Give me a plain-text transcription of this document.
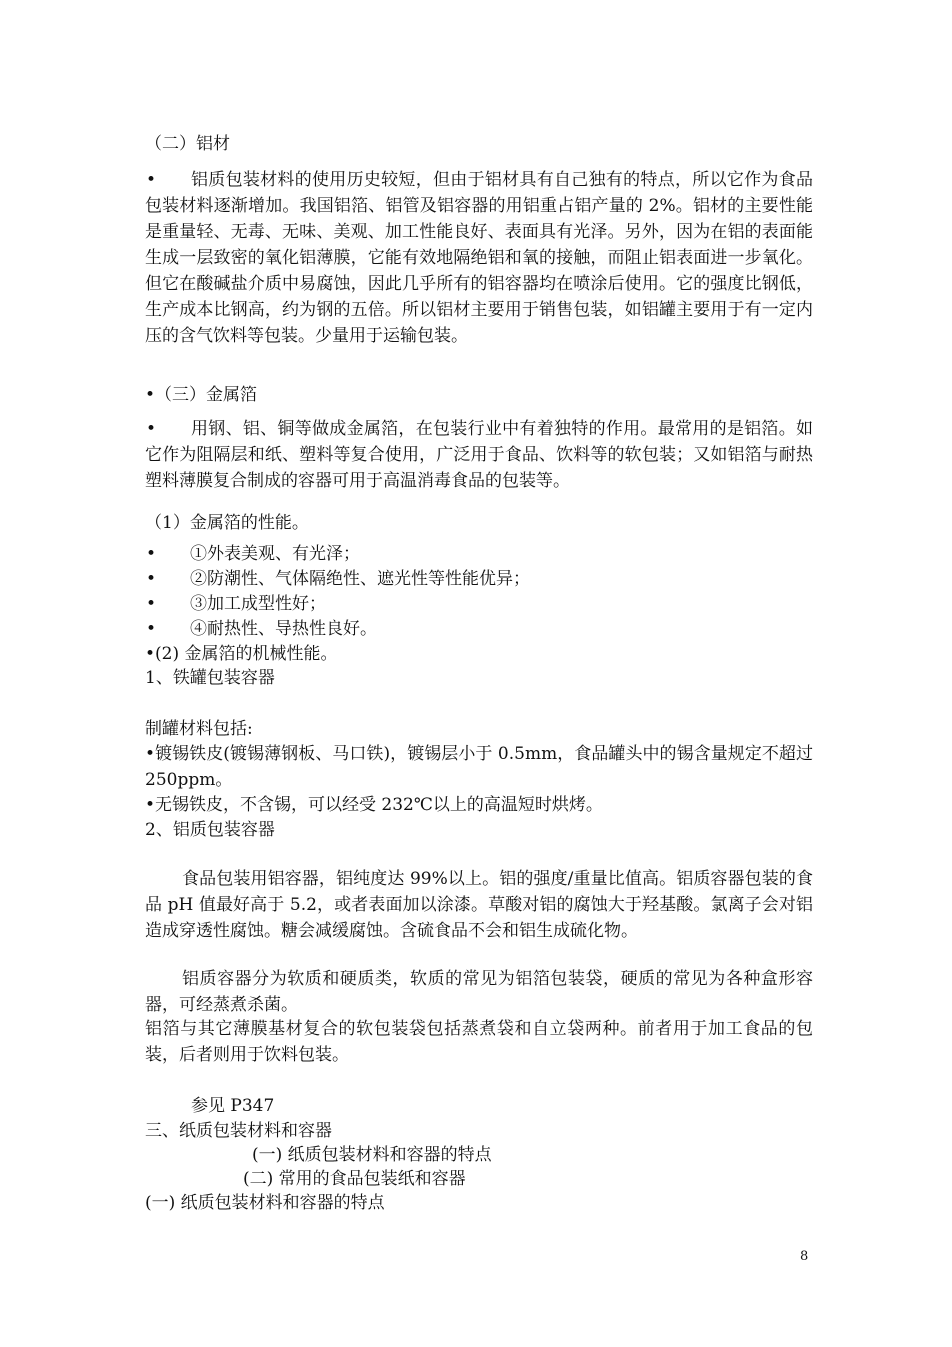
（二）铝材
•	铝质包装材料的使用历史较短，但由于铝材具有自己独有的特点，所以它作为食品包装材料逐渐增加。我国铝箔、铝管及铝容器的用铝重占铝产量的 2%。铝材的主要性能是重量轻、无毒、无味、美观、加工性能良好、表面具有光泽。另外，因为在铝的表面能生成一层致密的氧化铝薄膜，它能有效地隔绝铝和氧的接触，而阻止铝表面进一步氧化。但它在酸碱盐介质中易腐蚀，因此几乎所有的铝容器均在喷涂后使用。它的强度比钢低，生产成本比钢高，约为钢的五倍。所以铝材主要用于销售包装，如铝罐主要用于有一定内压的含气饮料等包装。少量用于运输包装。

•（三）金属箔
•	用钢、铝、铜等做成金属箔，在包装行业中有着独特的作用。最常用的是铝箔。如它作为阻隔层和纸、塑料等复合使用，广泛用于食品、饮料等的软包装；又如铝箔与耐热塑料薄膜复合制成的容器可用于高温消毒食品的包装等。

（1）金属箔的性能。
• ①外表美观、有光泽；
• ②防潮性、气体隔绝性、遮光性等性能优异；
• ③加工成型性好；
• ④耐热性、导热性良好。
•(2) 金属箔的机械性能。
1、铁罐包装容器
制罐材料包括:

•镀锡铁皮(镀锡薄钢板、马口铁)，镀锡层小于 0.5mm，食品罐头中的锡含量规定不超过 250ppm。

•无锡铁皮，不含锡，可以经受 232℃以上的高温短时烘烤。
2、铝质包装容器

食品包装用铝容器，铝纯度达 99%以上。铝的强度/重量比值高。铝质容器包装的食品 pH 值最好高于 5.2，或者表面加以涂漆。草酸对铝的腐蚀大于羟基酸。氯离子会对铝造成穿透性腐蚀。糖会减缓腐蚀。含硫食品不会和铝生成硫化物。

铝质容器分为软质和硬质类，软质的常见为铝箔包装袋，硬质的常见为各种盒形容器，可经蒸煮杀菌。

铝箔与其它薄膜基材复合的软包装袋包括蒸煮袋和自立袋两种。前者用于加工食品的包装，后者则用于饮料包装。

参见 P347
三、纸质包装材料和容器
(一) 纸质包装材料和容器的特点
(二) 常用的食品包装纸和容器
(一) 纸质包装材料和容器的特点
8
